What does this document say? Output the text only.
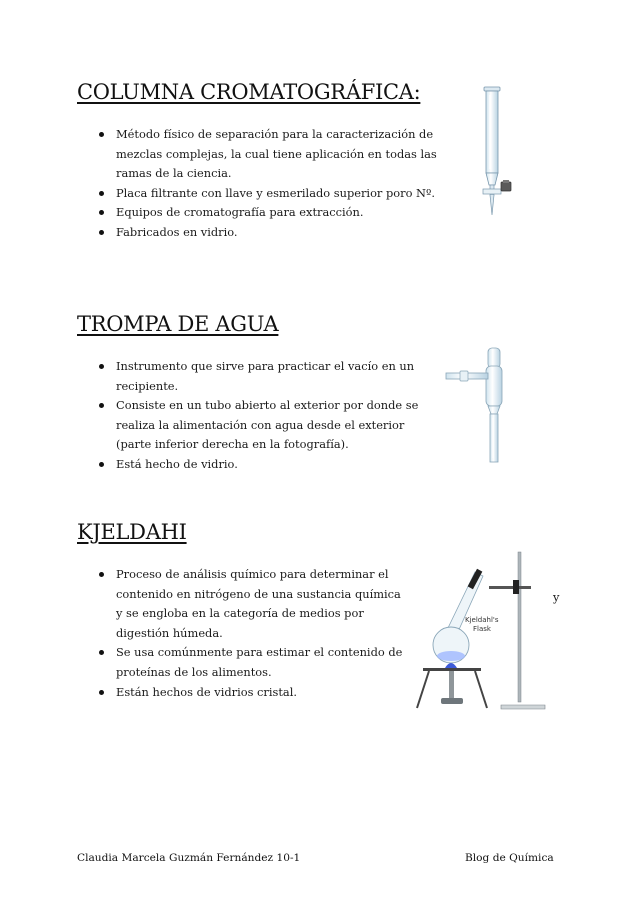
COLUMNA CROMATOGRÁFICA:
Método físico de separación para la caracterización de mezclas complejas, la cual tiene aplicación en todas las ramas de la ciencia.
Placa filtrante con llave y esmerilado superior poro Nº.
Equipos de cromatografía para extracción.
Fabricados en vidrio.
TROMPA DE AGUA
Instrumento que sirve para practicar el vacío en un recipiente.
Consiste en un tubo abierto al exterior por donde se realiza la alimentación con agua desde el exterior (parte inferior derecha en la fotografía).
Está hecho de vidrio.
KJELDAHI
Proceso de análisis químico para determinar el contenido en nitrógeno de una sustancia química y se engloba en la categoría de medios por digestión húmeda.
Se usa comúnmente para estimar el contenido de proteínas de los alimentos.
Están hechos de vidrios cristal.
y
Kjeldahl's
Flask
Claudia Marcela Guzmán Fernández 10-1	Blog de Química
